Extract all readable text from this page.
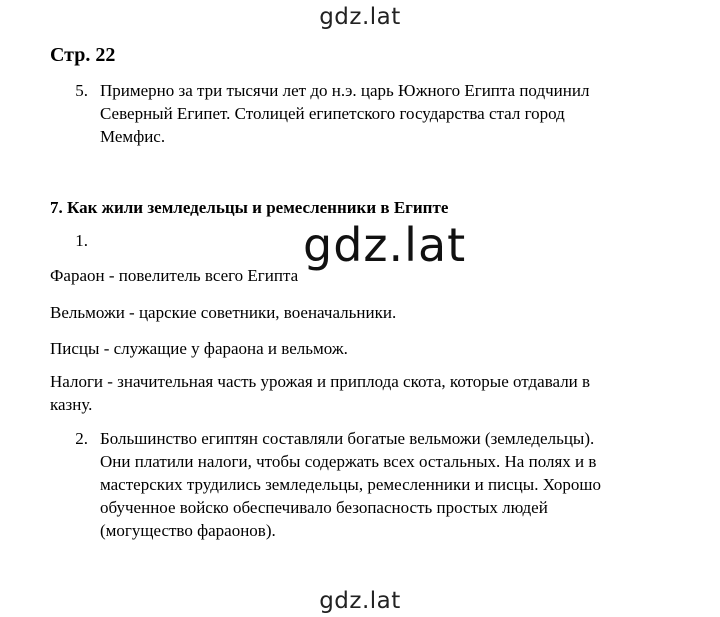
gdz.lat
Стр. 22
5. Примерно за три тысячи лет до н.э. царь Южного Египта подчинил
Северный Египет. Столицей египетского государства стал город
Мемфис.
7. Как жили земледельцы и ремесленники в Египте
1.	gdz.lat
Фараон - повелитель всего Египта
Вельможи - царские советники, военачальники.
Писцы - служащие у фараона и вельмож.
Налоги - значительная часть урожая и приплода скота, которые отдавали в
казну.
2. Большинство египтян составляли богатые вельможи (земледельцы).
Они платили налоги, чтобы содержать всех остальных. На полях и в
мастерских трудились земледельцы, ремесленники и писцы. Хорошо
обученное войско обеспечивало безопасность простых людей
(могущество фараонов).
gdz.lat
